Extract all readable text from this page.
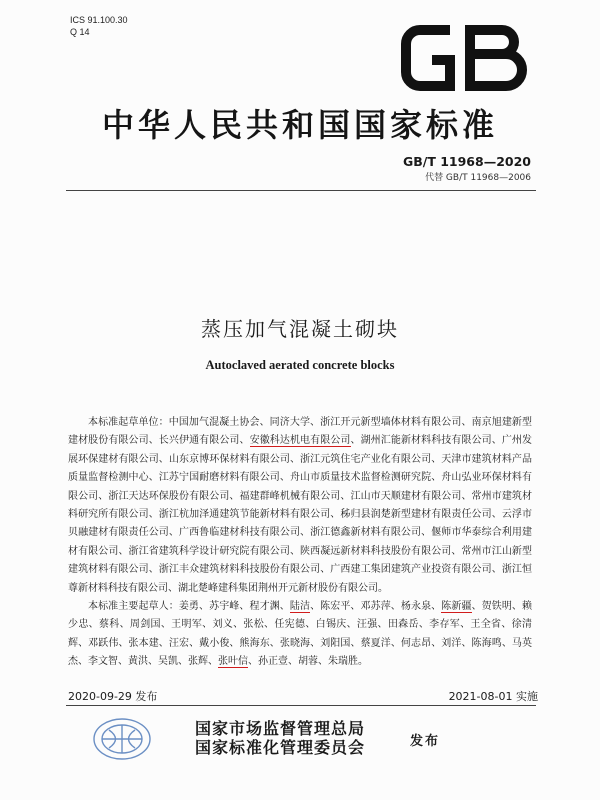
ICS 91.100.30
Q 14
中华人民共和国国家标准
GB/T 11968—2020
代替 GB/T 11968—2006
蒸压加气混凝土砌块
Autoclaved aerated concrete blocks

本标准起草单位：中国加气混凝土协会、同济大学、浙江开元新型墙体材料有限公司、南京旭建新型建材股份有限公司、长兴伊通有限公司、安徽科达机电有限公司、湖州汇能新材料科技有限公司、广州发展环保建材有限公司、山东京博环保材料有限公司、浙江元筑住宅产业化有限公司、天津市建筑材料产品质量监督检测中心、江苏宁国耐磨材料有限公司、舟山市质量技术监督检测研究院、舟山弘业环保材料有限公司、浙江天达环保股份有限公司、福建群峰机械有限公司、江山市天顺建材有限公司、常州市建筑材料研究所有限公司、浙江杭加泽通建筑节能新材料有限公司、秭归县润楚新型建材有限责任公司、云浮市贝融建材有限责任公司、广西鲁临建材科技有限公司、浙江德鑫新材料有限公司、偃师市华泰综合利用建材有限公司、浙江省建筑科学设计研究院有限公司、陕西凝远新材料科技股份有限公司、常州市江山新型建筑材料有限公司、浙江丰众建筑材料科技股份有限公司、广西建工集团建筑产业投资有限公司、浙江恒尊新材料科技有限公司、湖北楚峰建科集团荆州开元新材股份有限公司。

本标准主要起草人：姜勇、苏宇峰、程才渊、陆洁、陈宏平、邓苏萍、杨永泉、陈新疆、贺铁明、赖少忠、蔡科、周剑国、王明军、刘义、张松、任宪德、白锡庆、汪强、田森岳、李存军、王全省、徐清辉、邓跃伟、张本建、汪宏、戴小俊、熊海东、张晓海、刘阳国、蔡夏洋、何志昂、刘洋、陈海鸣、马英杰、李文智、黄洪、吴凯、张辉、张叶信、孙正壹、胡蓉、朱瑞胜。

2020-09-29 发布	2021-08-01 实施
国家市场监督管理总局
国家标准化管理委员会	发布
